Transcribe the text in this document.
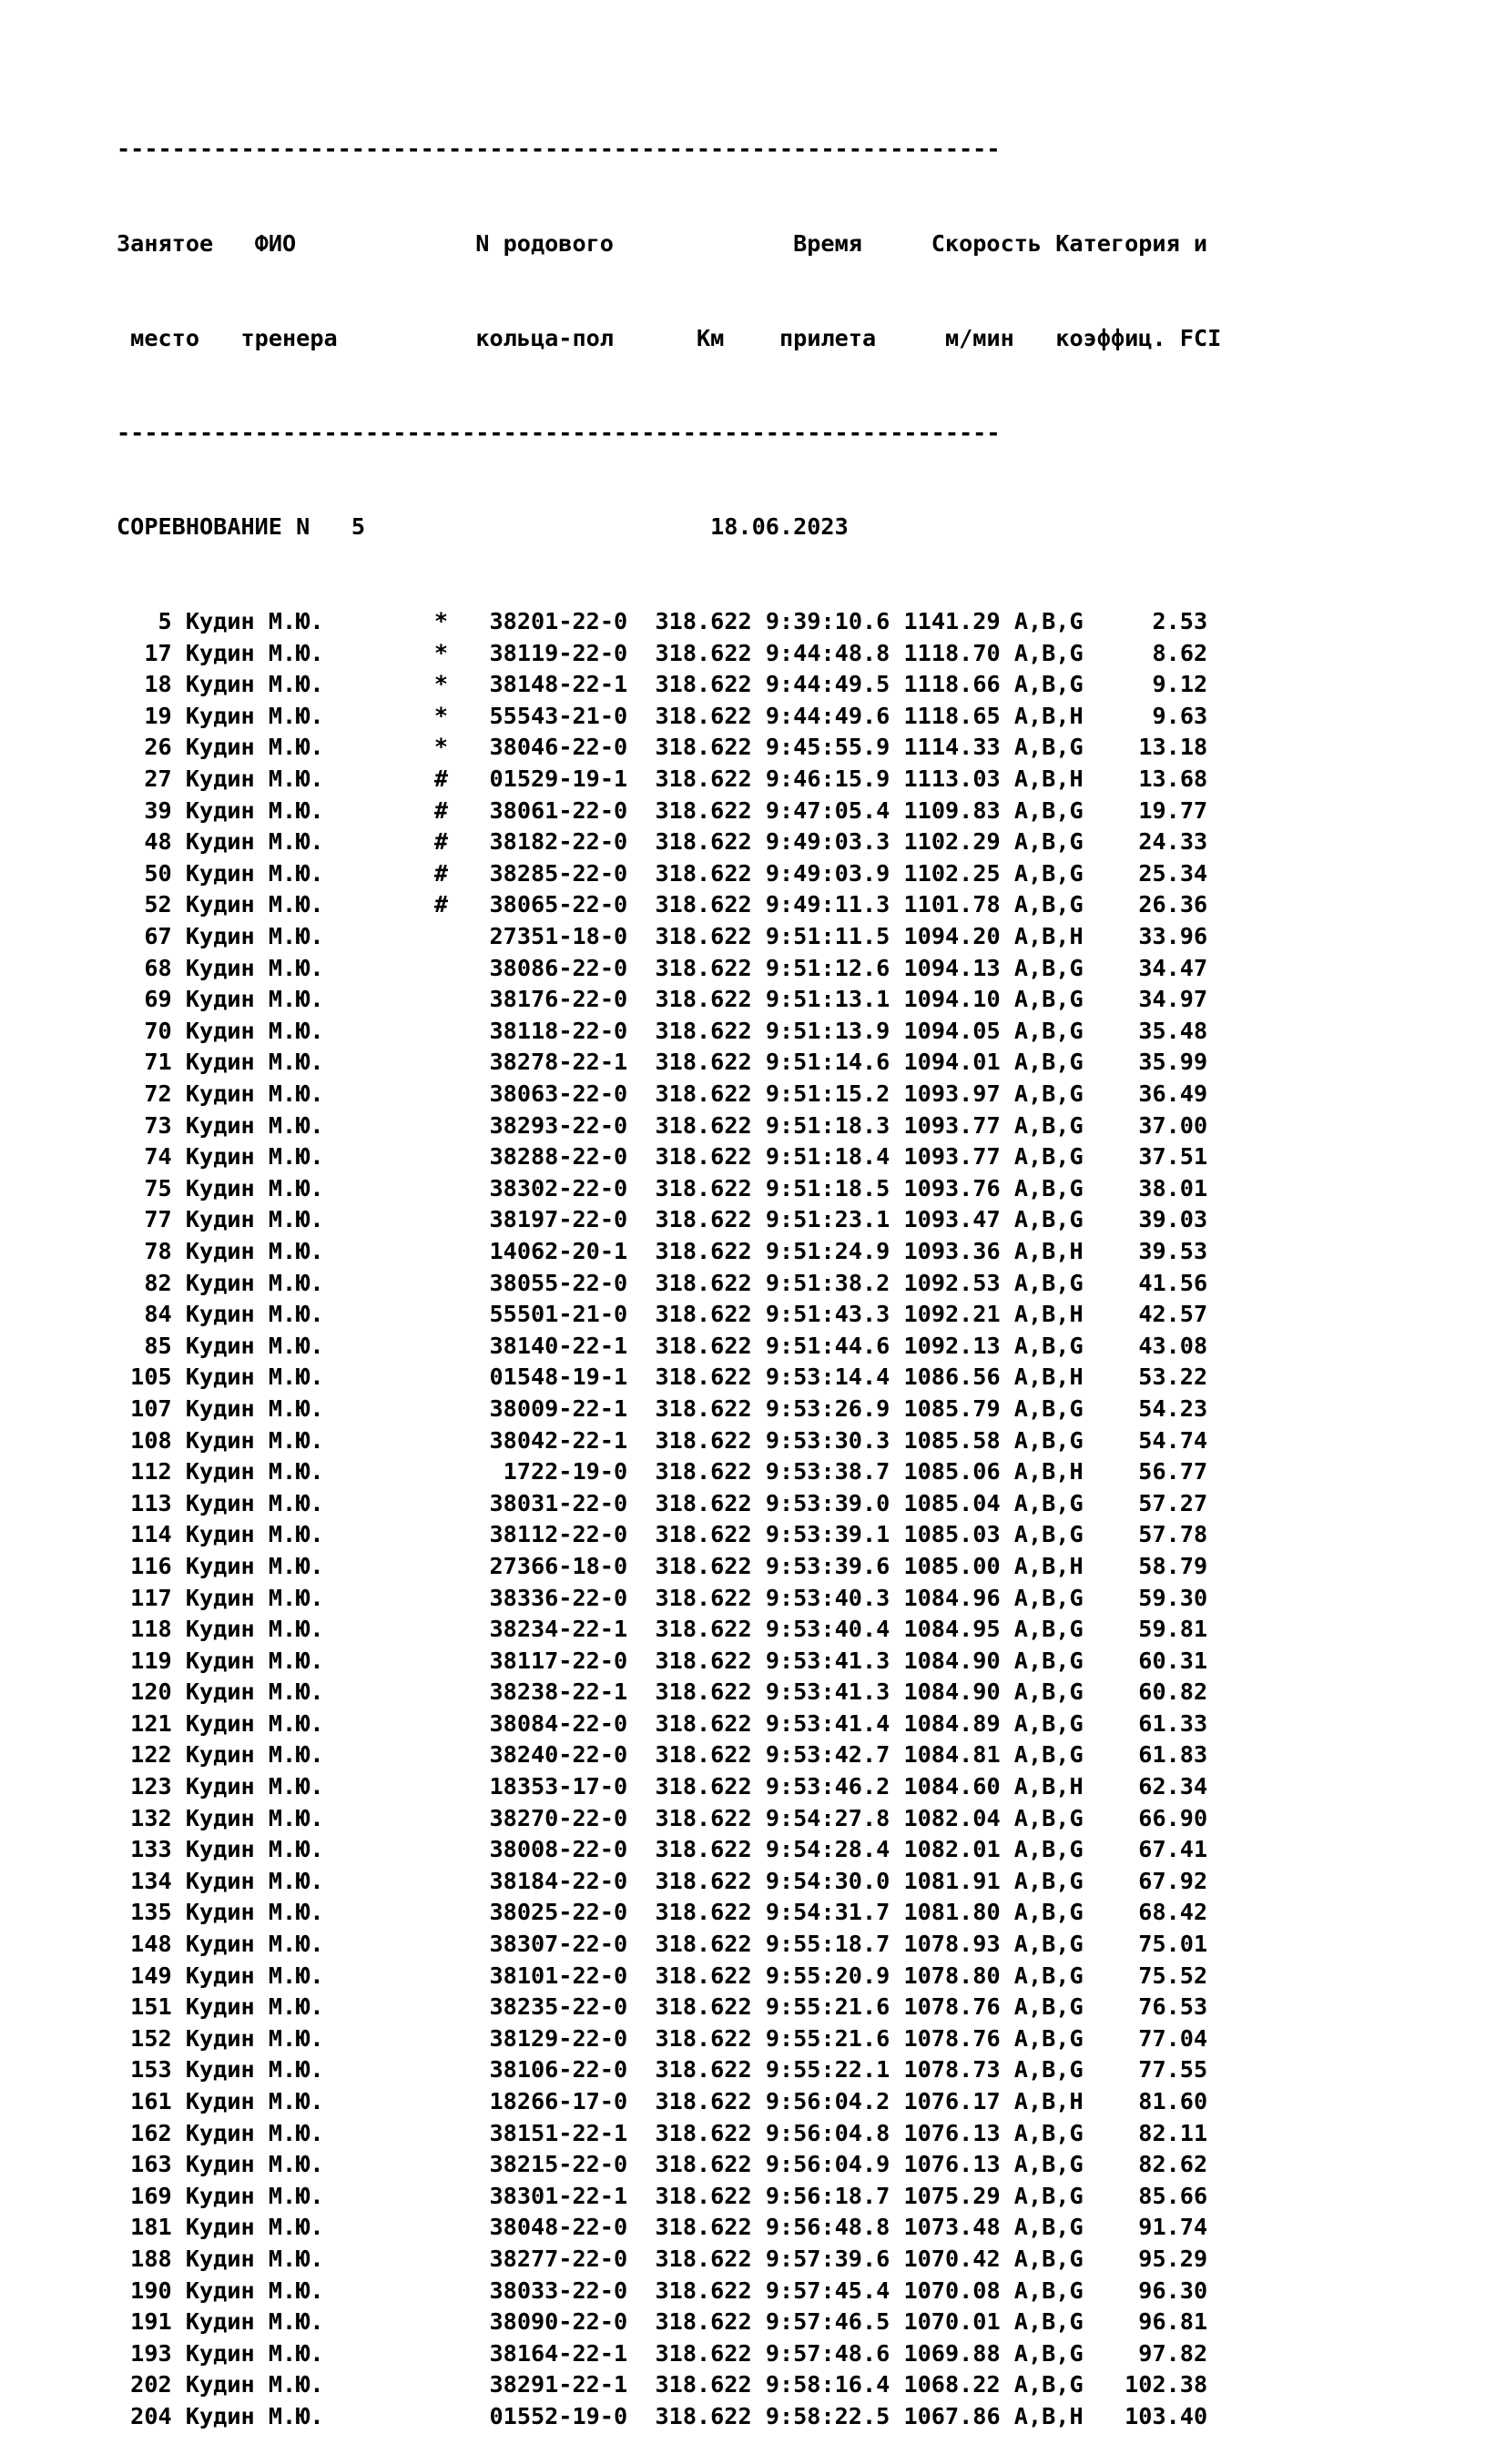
----------------------------------------------------------------

Занятое ФИО	N родового	Время	Скорость Категория и

место тренера	кольца-пол	Км прилета	м/мин коэффиц. FCI

----------------------------------------------------------------

СОРЕВНОВАНИЕ N 5	18.06.2023

5 Кудин М.Ю.	* 38201-22-0 318.622 9:39:10.6 1141.29 A,B,G	2.53
17 Кудин М.Ю.	* 38119-22-0 318.622 9:44:48.8 1118.70 A,B,G	8.62
18 Кудин М.Ю.	* 38148-22-1 318.622 9:44:49.5 1118.66 A,B,G	9.12
19 Кудин М.Ю.	* 55543-21-0 318.622 9:44:49.6 1118.65 A,B,H	9.63
26 Кудин М.Ю.	* 38046-22-0 318.622 9:45:55.9 1114.33 A,B,G 13.18
27 Кудин М.Ю.	# 01529-19-1 318.622 9:46:15.9 1113.03 A,B,H 13.68
39 Кудин М.Ю.	# 38061-22-0 318.622 9:47:05.4 1109.83 A,B,G 19.77
48 Кудин М.Ю.	# 38182-22-0 318.622 9:49:03.3 1102.29 A,B,G 24.33
50 Кудин М.Ю.	# 38285-22-0 318.622 9:49:03.9 1102.25 A,B,G 25.34
52 Кудин М.Ю.	# 38065-22-0 318.622 9:49:11.3 1101.78 A,B,G 26.36
67 Кудин М.Ю.	27351-18-0 318.622 9:51:11.5 1094.20 A,B,H 33.96
68 Кудин М.Ю.	38086-22-0 318.622 9:51:12.6 1094.13 A,B,G 34.47
69 Кудин М.Ю.	38176-22-0 318.622 9:51:13.1 1094.10 A,B,G 34.97
70 Кудин М.Ю.	38118-22-0 318.622 9:51:13.9 1094.05 A,B,G 35.48
71 Кудин М.Ю.	38278-22-1 318.622 9:51:14.6 1094.01 A,B,G 35.99
72 Кудин М.Ю.	38063-22-0 318.622 9:51:15.2 1093.97 A,B,G 36.49
73 Кудин М.Ю.	38293-22-0 318.622 9:51:18.3 1093.77 A,B,G 37.00
74 Кудин М.Ю.	38288-22-0 318.622 9:51:18.4 1093.77 A,B,G 37.51
75 Кудин М.Ю.	38302-22-0 318.622 9:51:18.5 1093.76 A,B,G 38.01
77 Кудин М.Ю.	38197-22-0 318.622 9:51:23.1 1093.47 A,B,G 39.03
78 Кудин М.Ю.	14062-20-1 318.622 9:51:24.9 1093.36 A,B,H 39.53
82 Кудин М.Ю.	38055-22-0 318.622 9:51:38.2 1092.53 A,B,G 41.56
84 Кудин М.Ю.	55501-21-0 318.622 9:51:43.3 1092.21 A,B,H 42.57
85 Кудин М.Ю.	38140-22-1 318.622 9:51:44.6 1092.13 A,B,G 43.08
105 Кудин М.Ю.	01548-19-1 318.622 9:53:14.4 1086.56 A,B,H 53.22
107 Кудин М.Ю.	38009-22-1 318.622 9:53:26.9 1085.79 A,B,G 54.23
108 Кудин М.Ю.	38042-22-1 318.622 9:53:30.3 1085.58 A,B,G 54.74
112 Кудин М.Ю.	1722-19-0 318.622 9:53:38.7 1085.06 A,B,H 56.77
113 Кудин М.Ю.	38031-22-0 318.622 9:53:39.0 1085.04 A,B,G 57.27
114 Кудин М.Ю.	38112-22-0 318.622 9:53:39.1 1085.03 A,B,G 57.78
116 Кудин М.Ю.	27366-18-0 318.622 9:53:39.6 1085.00 A,B,H 58.79
117 Кудин М.Ю.	38336-22-0 318.622 9:53:40.3 1084.96 A,B,G 59.30
118 Кудин М.Ю.	38234-22-1 318.622 9:53:40.4 1084.95 A,B,G 59.81
119 Кудин М.Ю.	38117-22-0 318.622 9:53:41.3 1084.90 A,B,G 60.31
120 Кудин М.Ю.	38238-22-1 318.622 9:53:41.3 1084.90 A,B,G 60.82
121 Кудин М.Ю.	38084-22-0 318.622 9:53:41.4 1084.89 A,B,G 61.33
122 Кудин М.Ю.	38240-22-0 318.622 9:53:42.7 1084.81 A,B,G 61.83
123 Кудин М.Ю.	18353-17-0 318.622 9:53:46.2 1084.60 A,B,H 62.34
132 Кудин М.Ю.	38270-22-0 318.622 9:54:27.8 1082.04 A,B,G 66.90
133 Кудин М.Ю.	38008-22-0 318.622 9:54:28.4 1082.01 A,B,G 67.41
134 Кудин М.Ю.	38184-22-0 318.622 9:54:30.0 1081.91 A,B,G 67.92
135 Кудин М.Ю.	38025-22-0 318.622 9:54:31.7 1081.80 A,B,G 68.42
148 Кудин М.Ю.	38307-22-0 318.622 9:55:18.7 1078.93 A,B,G 75.01
149 Кудин М.Ю.	38101-22-0 318.622 9:55:20.9 1078.80 A,B,G 75.52
151 Кудин М.Ю.	38235-22-0 318.622 9:55:21.6 1078.76 A,B,G 76.53
152 Кудин М.Ю.	38129-22-0 318.622 9:55:21.6 1078.76 A,B,G 77.04
153 Кудин М.Ю.	38106-22-0 318.622 9:55:22.1 1078.73 A,B,G 77.55
161 Кудин М.Ю.	18266-17-0 318.622 9:56:04.2 1076.17 A,B,H 81.60
162 Кудин М.Ю.	38151-22-1 318.622 9:56:04.8 1076.13 A,B,G 82.11
163 Кудин М.Ю.	38215-22-0 318.622 9:56:04.9 1076.13 A,B,G 82.62
169 Кудин М.Ю.	38301-22-1 318.622 9:56:18.7 1075.29 A,B,G 85.66
181 Кудин М.Ю.	38048-22-0 318.622 9:56:48.8 1073.48 A,B,G 91.74
188 Кудин М.Ю.	38277-22-0 318.622 9:57:39.6 1070.42 A,B,G 95.29
190 Кудин М.Ю.	38033-22-0 318.622 9:57:45.4 1070.08 A,B,G 96.30
191 Кудин М.Ю.	38090-22-0 318.622 9:57:46.5 1070.01 A,B,G 96.81
193 Кудин М.Ю.	38164-22-1 318.622 9:57:48.6 1069.88 A,B,G 97.82
202 Кудин М.Ю.	38291-22-1 318.622 9:58:16.4 1068.22 A,B,G 102.38
204 Кудин М.Ю.	01552-19-0 318.622 9:58:22.5 1067.86 A,B,H 103.40
